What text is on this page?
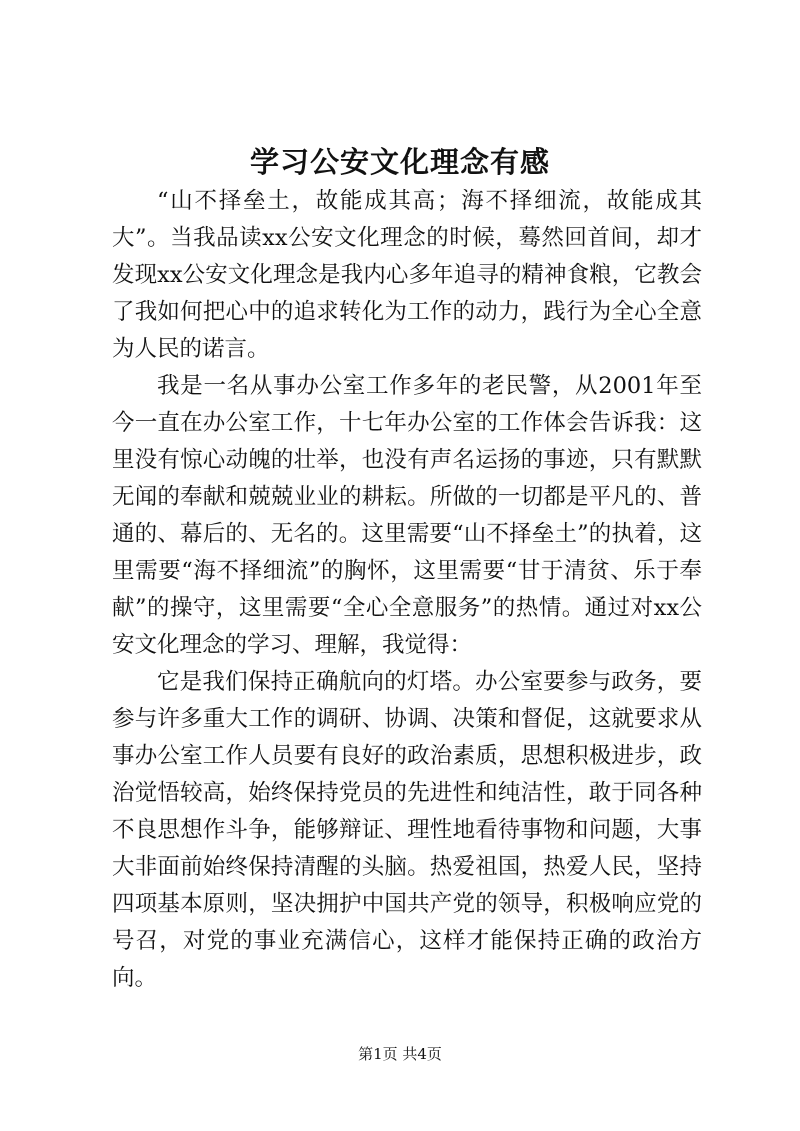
学习公安文化理念有感

“山不择垒土，故能成其高；海不择细流，故能成其大”。当我品读xx公安文化理念的时候，蓦然回首间，却才发现xx公安文化理念是我内心多年追寻的精神食粮，它教会了我如何把心中的追求转化为工作的动力，践行为全心全意为人民的诺言。

我是一名从事办公室工作多年的老民警，从2001年至今一直在办公室工作，十七年办公室的工作体会告诉我：这里没有惊心动魄的壮举，也没有声名运扬的事迹，只有默默无闻的奉献和兢兢业业的耕耘。所做的一切都是平凡的、普通的、幕后的、无名的。这里需要“山不择垒土”的执着，这里需要“海不择细流”的胸怀，这里需要“甘于清贫、乐于奉献”的操守，这里需要“全心全意服务”的热情。通过对xx公安文化理念的学习、理解，我觉得：

它是我们保持正确航向的灯塔。办公室要参与政务，要参与许多重大工作的调研、协调、决策和督促，这就要求从事办公室工作人员要有良好的政治素质，思想积极进步，政治觉悟较高，始终保持党员的先进性和纯洁性，敢于同各种不良思想作斗争，能够辩证、理性地看待事物和问题，大事大非面前始终保持清醒的头脑。热爱祖国，热爱人民，坚持四项基本原则，坚决拥护中国共产党的领导，积极响应党的号召，对党的事业充满信心，这样才能保持正确的政治方向。

第1页 共4页
